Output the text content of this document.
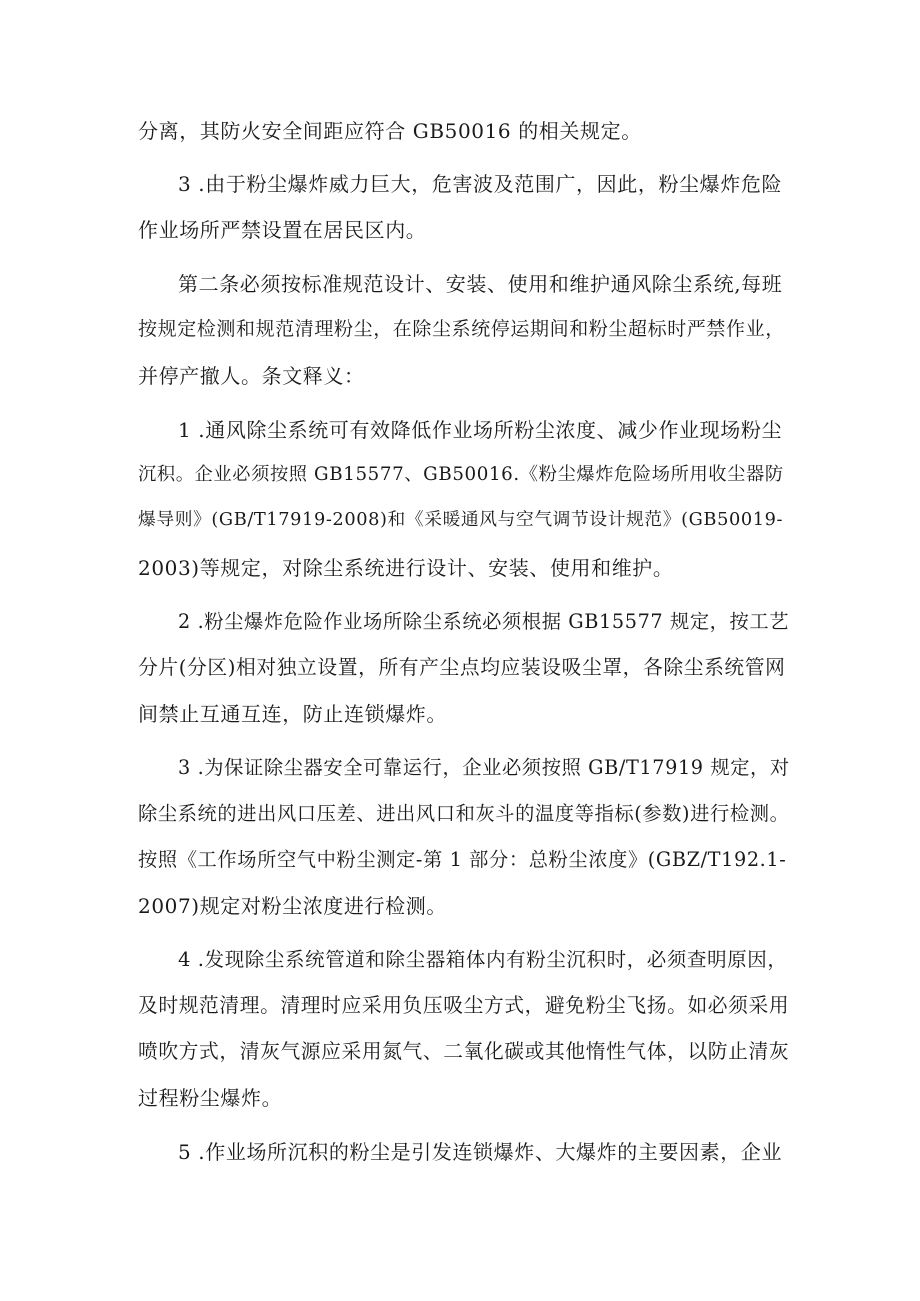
分离，其防火安全间距应符合 GB50016 的相关规定。
3 .由于粉尘爆炸威力巨大，危害波及范围广，因此，粉尘爆炸危险
作业场所严禁设置在居民区内。
第二条必须按标准规范设计、安装、使用和维护通风除尘系统,每班
按规定检测和规范清理粉尘，在除尘系统停运期间和粉尘超标时严禁作业，
并停产撤人。条文释义：
1 .通风除尘系统可有效降低作业场所粉尘浓度、减少作业现场粉尘
沉积。企业必须按照 GB15577、GB50016.《粉尘爆炸危险场所用收尘器防
爆导则》(GB/T17919-2008)和《采暖通风与空气调节设计规范》(GB50019-
2003)等规定，对除尘系统进行设计、安装、使用和维护。
2 .粉尘爆炸危险作业场所除尘系统必须根据 GB15577 规定，按工艺
分片(分区)相对独立设置，所有产尘点均应装设吸尘罩，各除尘系统管网
间禁止互通互连，防止连锁爆炸。
3 .为保证除尘器安全可靠运行，企业必须按照 GB/T17919 规定，对
除尘系统的进出风口压差、进出风口和灰斗的温度等指标(参数)进行检测。
按照《工作场所空气中粉尘测定-第 1 部分：总粉尘浓度》(GBZ/T192.1-
2007)规定对粉尘浓度进行检测。
4 .发现除尘系统管道和除尘器箱体内有粉尘沉积时，必须查明原因，
及时规范清理。清理时应采用负压吸尘方式，避免粉尘飞扬。如必须采用
喷吹方式，清灰气源应采用氮气、二氧化碳或其他惰性气体，以防止清灰
过程粉尘爆炸。
5 .作业场所沉积的粉尘是引发连锁爆炸、大爆炸的主要因素，企业
